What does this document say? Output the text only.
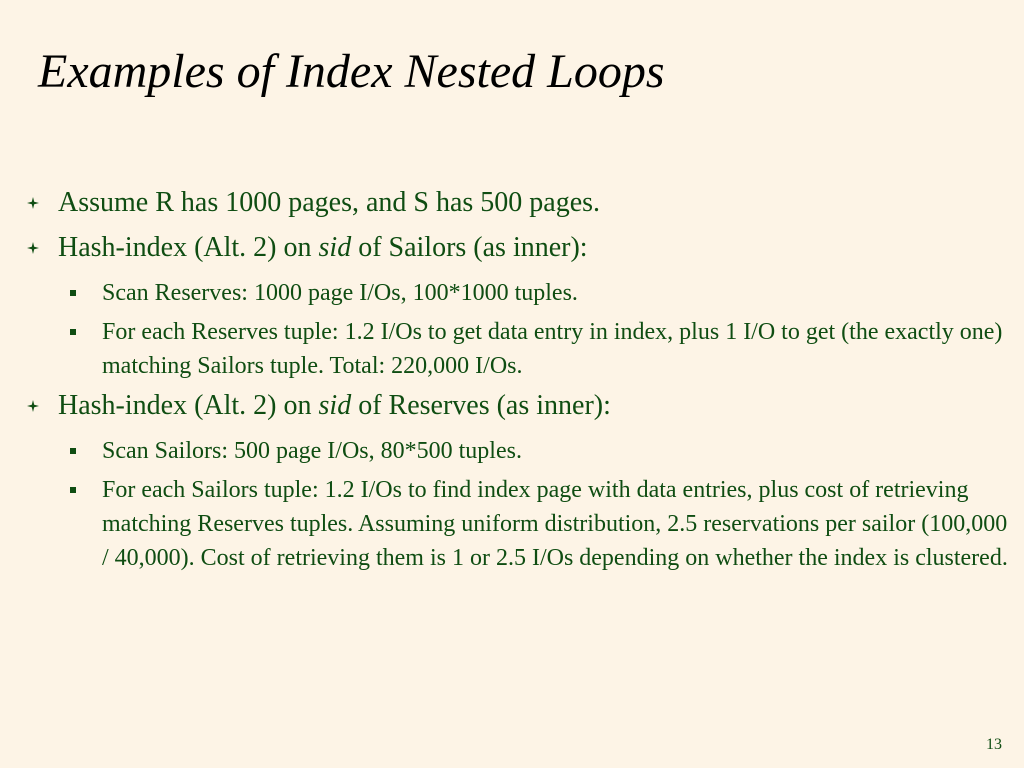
Examples of Index Nested Loops
Assume R has 1000 pages, and S has 500 pages.
Hash-index (Alt. 2) on sid of Sailors (as inner):
Scan Reserves: 1000 page I/Os, 100*1000 tuples.
For each Reserves tuple: 1.2 I/Os to get data entry in index, plus 1 I/O to get (the exactly one) matching Sailors tuple. Total: 220,000 I/Os.
Hash-index (Alt. 2) on sid of Reserves (as inner):
Scan Sailors: 500 page I/Os, 80*500 tuples.
For each Sailors tuple: 1.2 I/Os to find index page with data entries, plus cost of retrieving matching Reserves tuples. Assuming uniform distribution, 2.5 reservations per sailor (100,000 / 40,000). Cost of retrieving them is 1 or 2.5 I/Os depending on whether the index is clustered.
13
